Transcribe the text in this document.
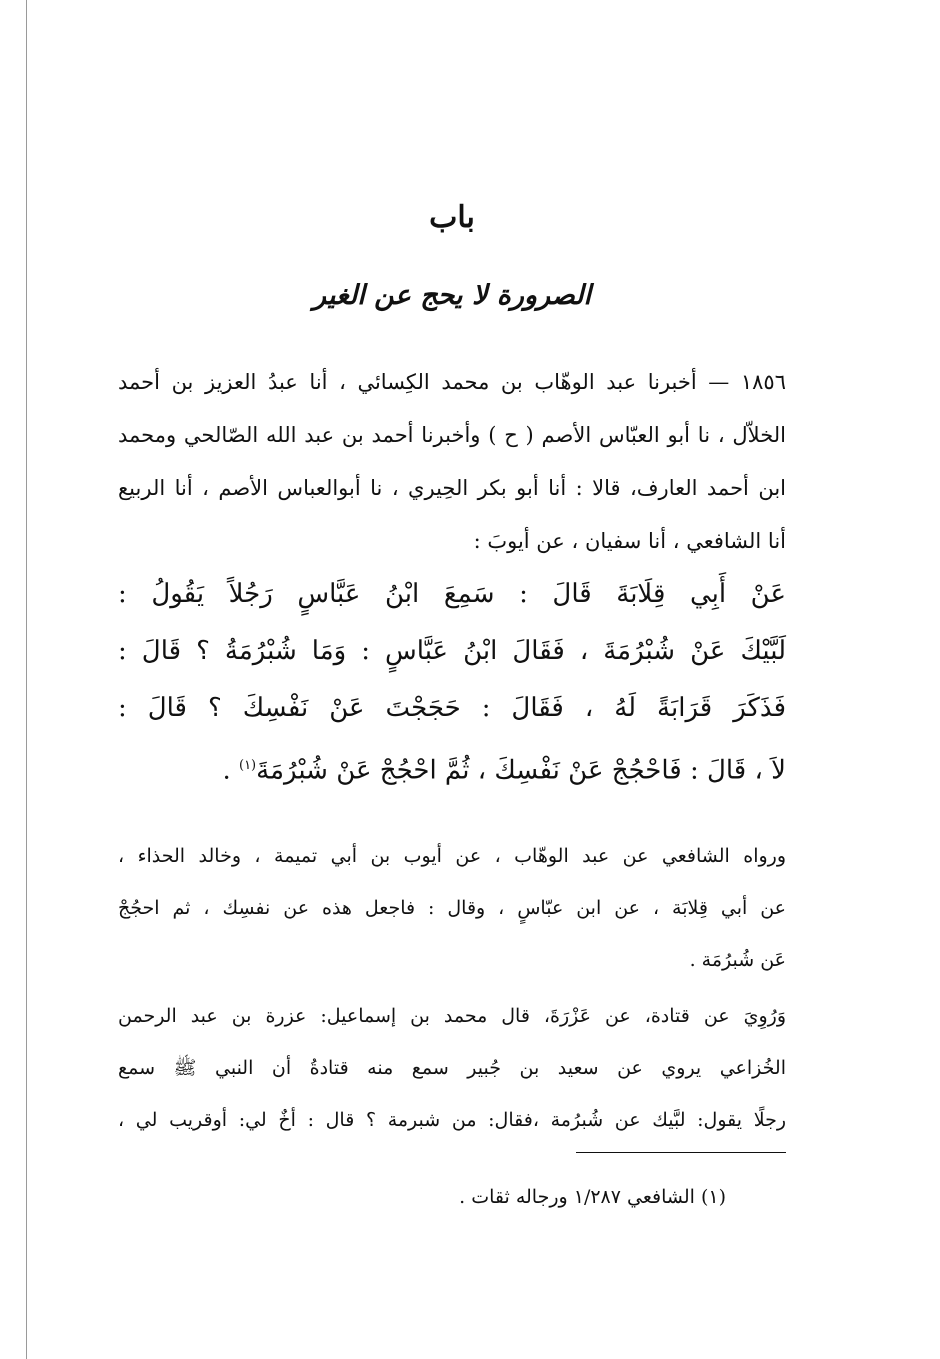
باب
الصرورة لا يحج عن الغير
١٨٥٦ — أخبرنا عبد الوهّاب بن محمد الكِسائي ، أنا عبدُ العزيز بن أحمد
الخلاّل ، نا أبو العبّاس الأصم ( ح ) وأخبرنا أحمد بن عبد الله الصّالحي ومحمد
ابن أحمد العارف، قالا : أنا أبو بكر الحِيري ، نا أبوالعباس الأصم ، أنا الربيع
أنا الشافعي ، أنا سفيان ، عن أيوبَ :
عَنْ أَبِي قِلَابَةَ قَالَ : سَمِعَ ابْنُ عَبَّاسٍ رَجُلاً يَقُولُ :
لَبَّيْكَ عَنْ شُبْرُمَةَ ، فَقَالَ ابْنُ عَبَّاسٍ : وَمَا شُبْرُمَةُ ؟ قَالَ :
فَذَكَرَ قَرَابَةً لَهُ ، فَقَالَ : حَجَجْتَ عَنْ نَفْسِكَ ؟ قَالَ :
لاَ ، قَالَ : فَاحْجُجْ عَنْ نَفْسِكَ ، ثُمَّ احْجُجْ عَنْ شُبْرُمَةَ$^{(١)}$ .
ورواه الشافعي عن عبد الوهّاب ، عن أيوب بن أبي تميمة ، وخالد الحذاء ،
عن أبي قِلابَة ، عن ابن عبّاسٍ ، وقال : فاجعل هذه عن نفسِك ، ثم احجُجْ
عَن شُبرُمَة .
وَرُوِيَ عن قتادة، عن عَزْرَةَ، قال محمد بن إسماعيل: عزرة بن عبد الرحمن
الخُزاعي يروي عن سعيد بن جُبير سمع منه قتادةُ أن النبي ﷺ سمع
رجلًا يقول: لبَّيك عن شُبرُمة ،فقال: من شبرمة ؟ قال : أخٌ لي: أوقريب لي ،
(١) الشافعي ١/٢٨٧ ورجاله ثقات .
